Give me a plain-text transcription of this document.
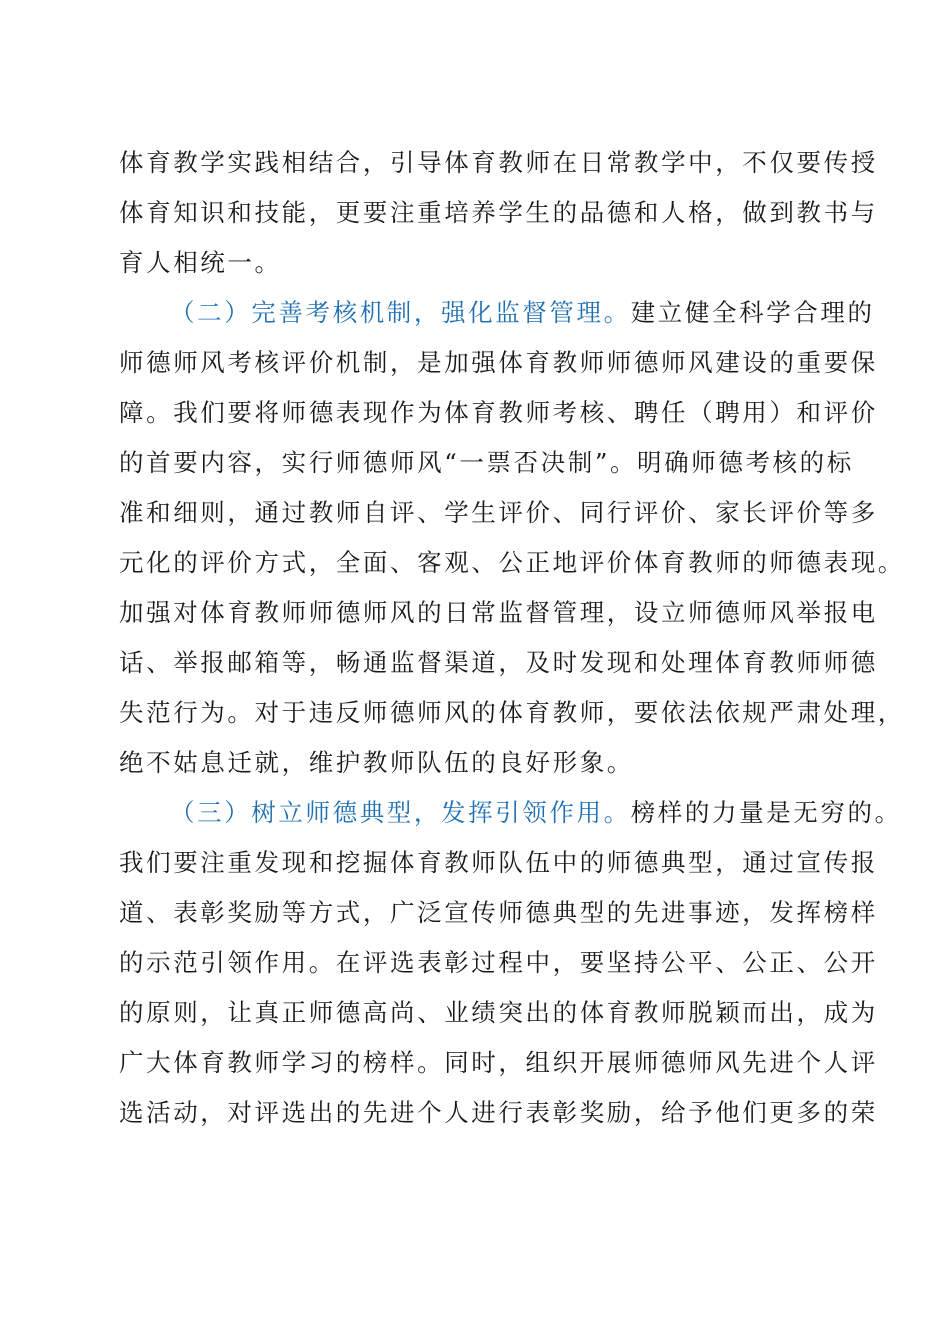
体育教学实践相结合，引导体育教师在日常教学中，不仅要传授
体育知识和技能，更要注重培养学生的品德和人格，做到教书与
育人相统一。
（二）完善考核机制，强化监督管理。建立健全科学合理的
师德师风考核评价机制，是加强体育教师师德师风建设的重要保
障。我们要将师德表现作为体育教师考核、聘任（聘用）和评价
的首要内容，实行师德师风“一票否决制”。明确师德考核的标
准和细则，通过教师自评、学生评价、同行评价、家长评价等多
元化的评价方式，全面、客观、公正地评价体育教师的师德表现。
加强对体育教师师德师风的日常监督管理，设立师德师风举报电
话、举报邮箱等，畅通监督渠道，及时发现和处理体育教师师德
失范行为。对于违反师德师风的体育教师，要依法依规严肃处理，
绝不姑息迁就，维护教师队伍的良好形象。
（三）树立师德典型，发挥引领作用。榜样的力量是无穷的。
我们要注重发现和挖掘体育教师队伍中的师德典型，通过宣传报
道、表彰奖励等方式，广泛宣传师德典型的先进事迹，发挥榜样
的示范引领作用。在评选表彰过程中，要坚持公平、公正、公开
的原则，让真正师德高尚、业绩突出的体育教师脱颖而出，成为
广大体育教师学习的榜样。同时，组织开展师德师风先进个人评
选活动，对评选出的先进个人进行表彰奖励，给予他们更多的荣
